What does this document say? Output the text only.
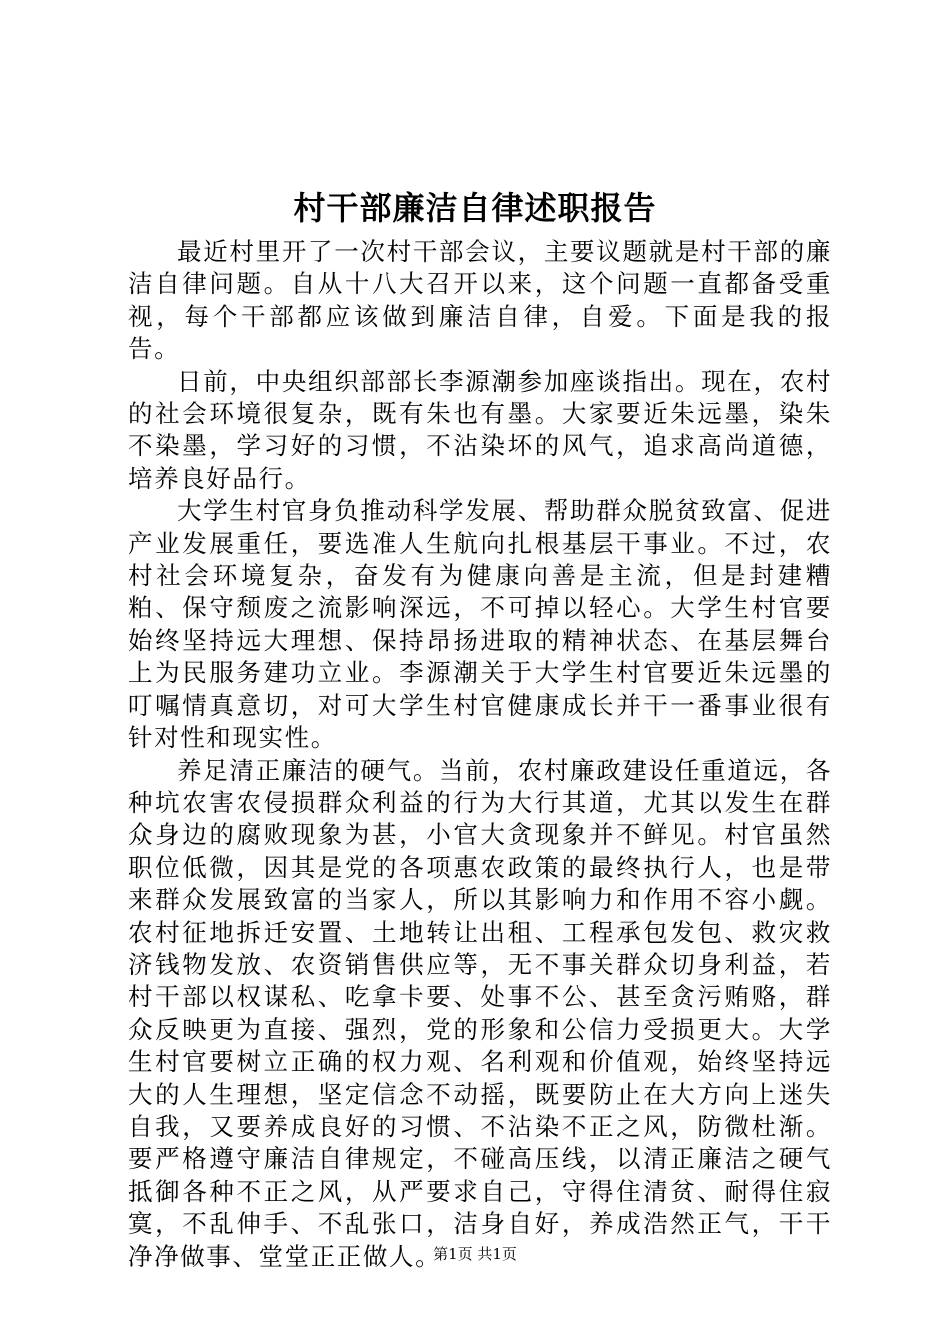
村干部廉洁自律述职报告

最近村里开了一次村干部会议，主要议题就是村干部的廉洁自律问题。自从十八大召开以来，这个问题一直都备受重视，每个干部都应该做到廉洁自律，自爱。下面是我的报告。

日前，中央组织部部长李源潮参加座谈指出。现在，农村的社会环境很复杂，既有朱也有墨。大家要近朱远墨，染朱不染墨，学习好的习惯，不沾染坏的风气，追求高尚道德，培养良好品行。

大学生村官身负推动科学发展、帮助群众脱贫致富、促进产业发展重任，要选准人生航向扎根基层干事业。不过，农村社会环境复杂，奋发有为健康向善是主流，但是封建糟粕、保守颓废之流影响深远，不可掉以轻心。大学生村官要始终坚持远大理想、保持昂扬进取的精神状态、在基层舞台上为民服务建功立业。李源潮关于大学生村官要近朱远墨的叮嘱情真意切，对可大学生村官健康成长并干一番事业很有针对性和现实性。

养足清正廉洁的硬气。当前，农村廉政建设任重道远，各种坑农害农侵损群众利益的行为大行其道，尤其以发生在群众身边的腐败现象为甚，小官大贪现象并不鲜见。村官虽然职位低微，因其是党的各项惠农政策的最终执行人，也是带来群众发展致富的当家人，所以其影响力和作用不容小觑。农村征地拆迁安置、土地转让出租、工程承包发包、救灾救济钱物发放、农资销售供应等，无不事关群众切身利益，若村干部以权谋私、吃拿卡要、处事不公、甚至贪污贿赂，群众反映更为直接、强烈，党的形象和公信力受损更大。大学生村官要树立正确的权力观、名利观和价值观，始终坚持远大的人生理想，坚定信念不动摇，既要防止在大方向上迷失自我，又要养成良好的习惯、不沾染不正之风，防微杜渐。要严格遵守廉洁自律规定，不碰高压线，以清正廉洁之硬气抵御各种不正之风，从严要求自己，守得住清贫、耐得住寂寞，不乱伸手、不乱张口，洁身自好，养成浩然正气，干干净净做事、堂堂正正做人。

第1页 共1页
